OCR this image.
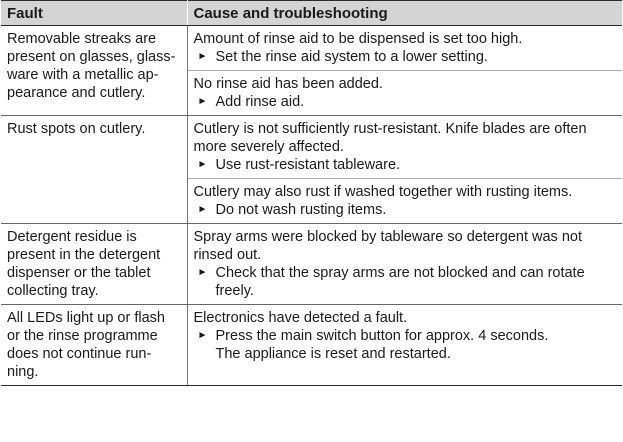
Fault	Cause and troubleshooting
Removable streaks are present on glasses, glass-ware with a metallic ap-pearance and cutlery.	Amount of rinse aid to be dispensed is set too high.
► Set the rinse aid system to a lower setting.

	No rinse aid has been added.
► Add rinse aid.

Rust spots on cutlery.	Cutlery is not sufficiently rust-resistant. Knife blades are often more severely affected.
► Use rust-resistant tableware.

	Cutlery may also rust if washed together with rusting items.
► Do not wash rusting items.

Detergent residue is present in the detergent dispenser or the tablet collecting tray.	Spray arms were blocked by tableware so detergent was not rinsed out.
► Check that the spray arms are not blocked and can rotate freely.

All LEDs light up or flash or the rinse programme does not continue run-ning.	Electronics have detected a fault.
► Press the main switch button for approx. 4 seconds.
The appliance is reset and restarted.
